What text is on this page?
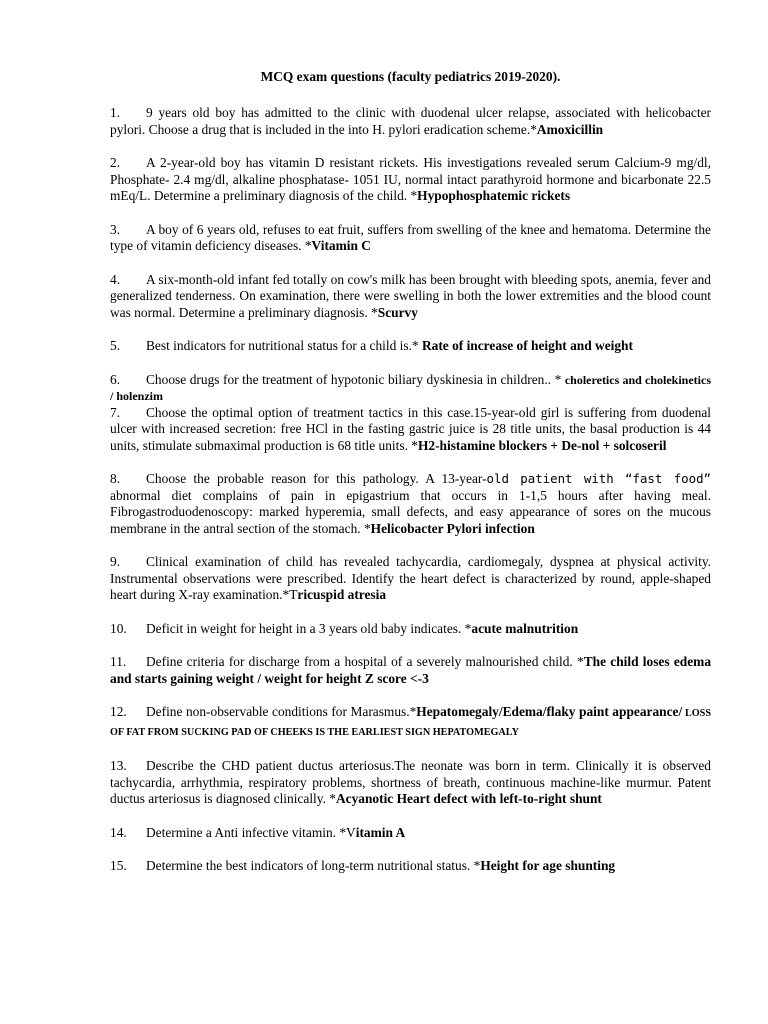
MCQ exam questions (faculty pediatrics 2019-2020).

1. 9 years old boy has admitted to the clinic with duodenal ulcer relapse, associated with helicobacter pylori. Choose a drug that is included in the into H. pylori eradication scheme.*Amoxicillin

2. A 2-year-old boy has vitamin D resistant rickets. His investigations revealed serum Calcium-9 mg/dl, Phosphate- 2.4 mg/dl, alkaline phosphatase- 1051 IU, normal intact parathyroid hormone and bicarbonate 22.5 mEq/L. Determine a preliminary diagnosis of the child. *Hypophosphatemic rickets

3. A boy of 6 years old, refuses to eat fruit, suffers from swelling of the knee and hematoma. Determine the type of vitamin deficiency diseases. *Vitamin C

4. A six-month-old infant fed totally on cow's milk has been brought with bleeding spots, anemia, fever and generalized tenderness. On examination, there were swelling in both the lower extremities and the blood count was normal. Determine a preliminary diagnosis. *Scurvy

5. Best indicators for nutritional status for a child is.* Rate of increase of height and weight

6. Choose drugs for the treatment of hypotonic biliary dyskinesia in children.. * choleretics and cholekinetics / holenzim

7. Choose the optimal option of treatment tactics in this case.15-year-old girl is suffering from duodenal ulcer with increased secretion: free HCl in the fasting gastric juice is 28 title units, the basal production is 44 units, stimulate submaximal production is 68 title units. *H2-histamine blockers + De-nol + solcoseril

8. Choose the probable reason for this pathology. A 13-year-old patient with “fast food” abnormal diet complains of pain in epigastrium that occurs in 1-1,5 hours after having meal. Fibrogastroduodenoscopy: marked hyperemia, small defects, and easy appearance of sores on the mucous membrane in the antral section of the stomach. *Helicobacter Pylori infection

9. Clinical examination of child has revealed tachycardia, cardiomegaly, dyspnea at physical activity. Instrumental observations were prescribed. Identify the heart defect is characterized by round, apple-shaped heart during X-ray examination.*Tricuspid atresia

10. Deficit in weight for height in a 3 years old baby indicates. *acute malnutrition

11. Define criteria for discharge from a hospital of a severely malnourished child. *The child loses edema and starts gaining weight / weight for height Z score <-3

12. Define non-observable conditions for Marasmus.*Hepatomegaly/Edema/flaky paint appearance/ LOSS OF FAT FROM SUCKING PAD OF CHEEKS IS THE EARLIEST SIGN HEPATOMEGALY

13. Describe the CHD patient ductus arteriosus.The neonate was born in term. Clinically it is observed tachycardia, arrhythmia, respiratory problems, shortness of breath, continuous machine-like murmur. Patent ductus arteriosus is diagnosed clinically. *Acyanotic Heart defect with left-to-right shunt

14. Determine a Anti infective vitamin. *Vitamin A

15. Determine the best indicators of long-term nutritional status. *Height for age shunting
